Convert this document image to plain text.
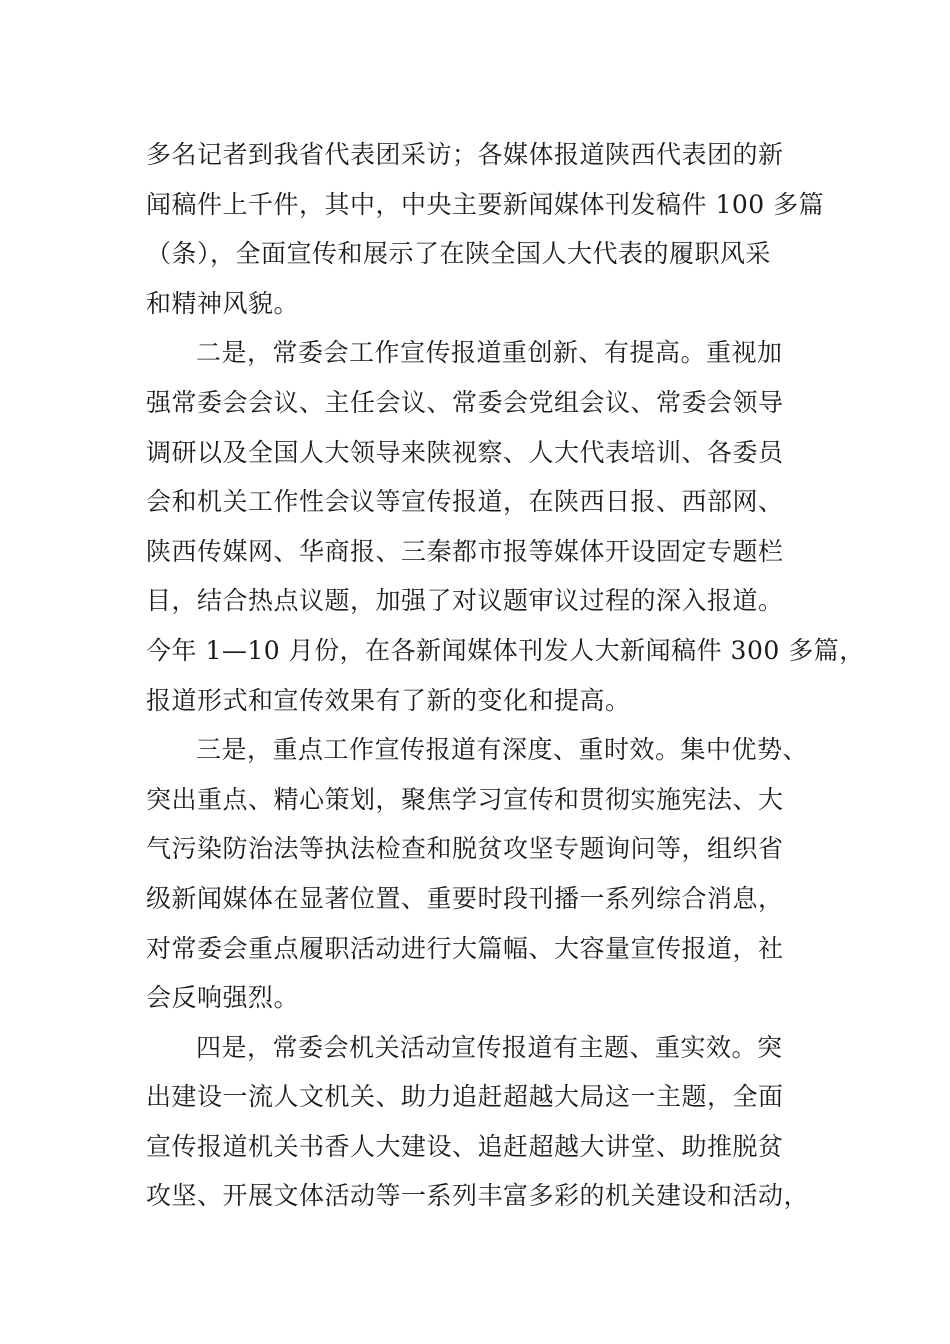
多名记者到我省代表团采访；各媒体报道陕西代表团的新
闻稿件上千件，其中，中央主要新闻媒体刊发稿件 100 多篇
（条），全面宣传和展示了在陕全国人大代表的履职风采
和精神风貌。
二是，常委会工作宣传报道重创新、有提高。重视加
强常委会会议、主任会议、常委会党组会议、常委会领导
调研以及全国人大领导来陕视察、人大代表培训、各委员
会和机关工作性会议等宣传报道，在陕西日报、西部网、
陕西传媒网、华商报、三秦都市报等媒体开设固定专题栏
目，结合热点议题，加强了对议题审议过程的深入报道。
今年 1—10 月份，在各新闻媒体刊发人大新闻稿件 300 多篇，
报道形式和宣传效果有了新的变化和提高。
三是，重点工作宣传报道有深度、重时效。集中优势、
突出重点、精心策划，聚焦学习宣传和贯彻实施宪法、大
气污染防治法等执法检查和脱贫攻坚专题询问等，组织省
级新闻媒体在显著位置、重要时段刊播一系列综合消息，
对常委会重点履职活动进行大篇幅、大容量宣传报道，社
会反响强烈。
四是，常委会机关活动宣传报道有主题、重实效。突
出建设一流人文机关、助力追赶超越大局这一主题，全面
宣传报道机关书香人大建设、追赶超越大讲堂、助推脱贫
攻坚、开展文体活动等一系列丰富多彩的机关建设和活动，
